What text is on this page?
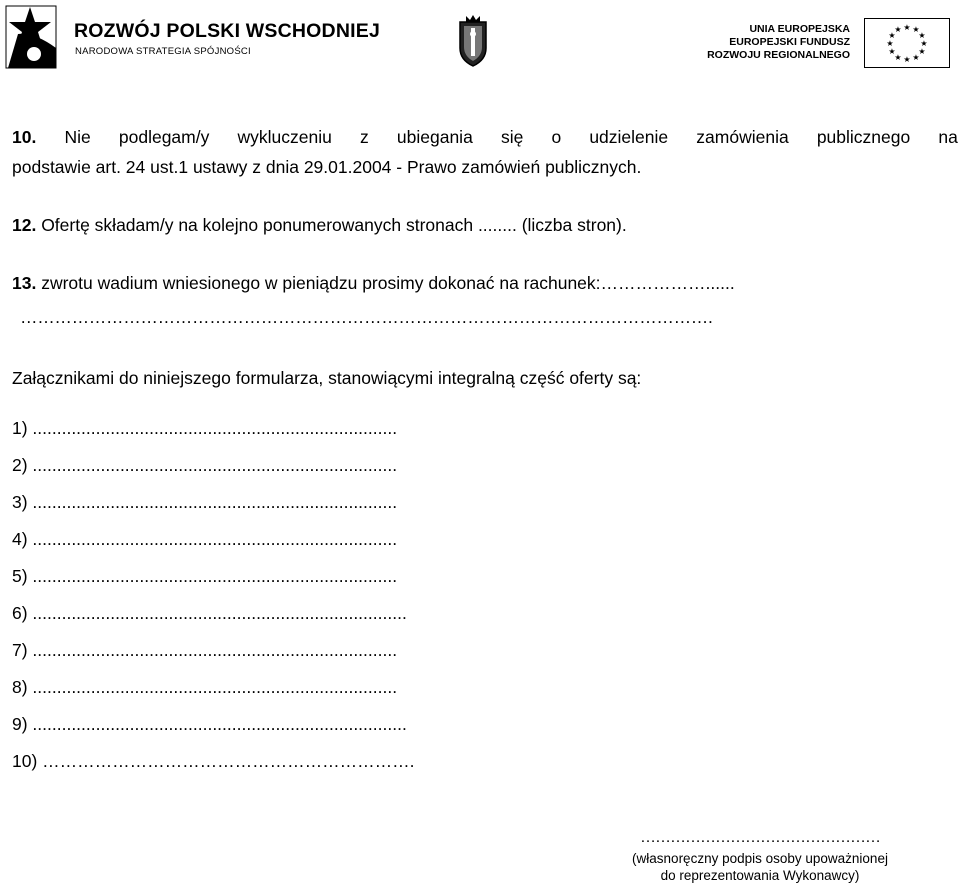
ROZWÓJ POLSKI WSCHODNIEJ
NARODOWA STRATEGIA SPÓJNOŚCI
UNIA EUROPEJSKA
EUROPEJSKI FUNDUSZ
ROZWOJU REGIONALNEGO
★ ★
★
★
★
★
★
★
★
★
★
★
10. Nie podlegam/y wykluczeniu z ubiegania się o udzielenie zamówienia publicznego na
podstawie art. 24 ust.1 ustawy z dnia 29.01.2004 - Prawo zamówień publicznych.
12. Ofertę składam/y na kolejno ponumerowanych stronach ........ (liczba stron).
13. zwrotu wadium wniesionego w pieniądzu prosimy dokonać na rachunek:………………......
………………………………………………………………………………………………………….
Załącznikami do niniejszego formularza, stanowiącymi integralną część oferty są:
1) ...........................................................................
2) ...........................................................................
3) ...........................................................................
4) ...........................................................................
5) ...........................................................................
6) .............................................................................
7) ...........................................................................
8) ...........................................................................
9) .............................................................................
10) ……………………………………………………….
…………………………………………
(własnoręczny podpis osoby upoważnionej
do reprezentowania Wykonawcy)
